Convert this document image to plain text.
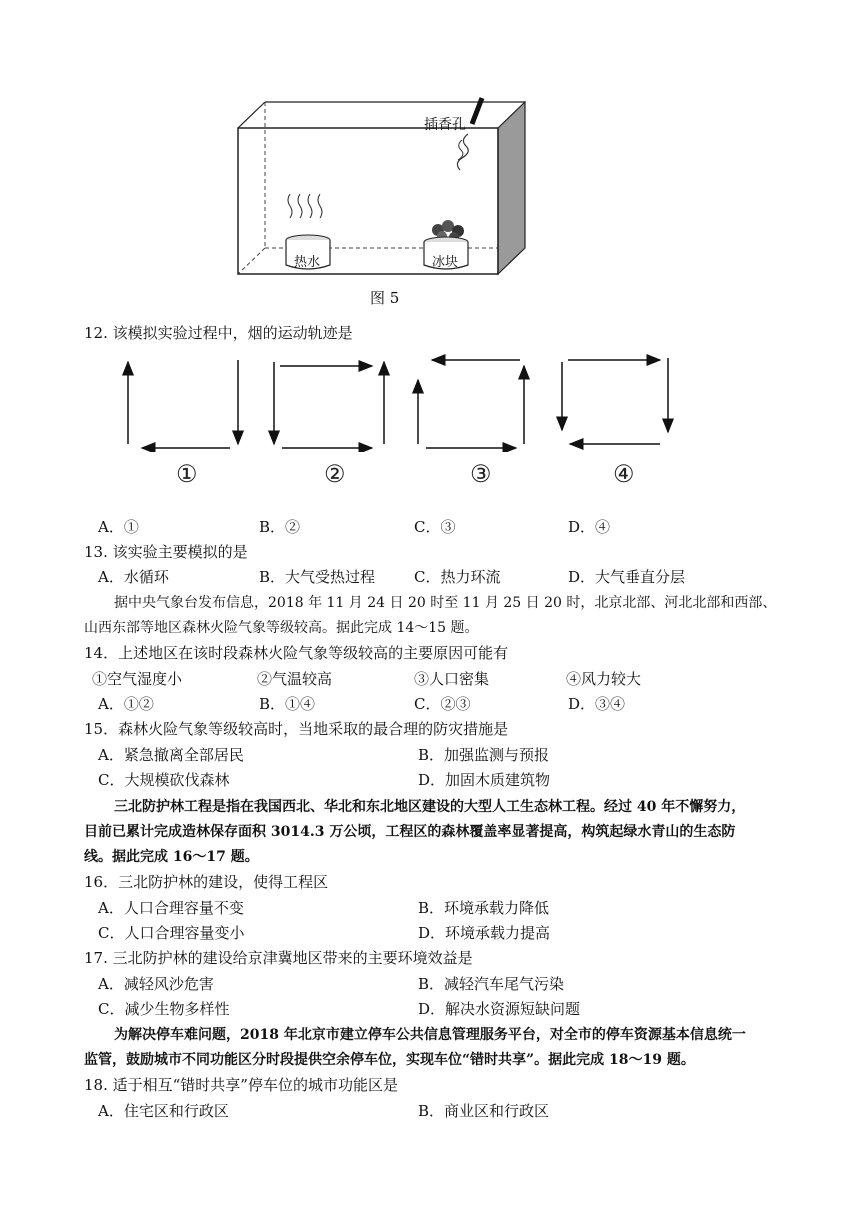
插香孔
热水	冰块
图 5
12. 该模拟实验过程中，烟的运动轨迹是
①	②	③	④
A．①	B．②	C．③	D．④
13. 该实验主要模拟的是
A．水循环	B．大气受热过程	C．热力环流	D．大气垂直分层
据中央气象台发布信息，2018 年 11 月 24 日 20 时至 11 月 25 日 20 时，北京北部、河北北部和西部、
山西东部等地区森林火险气象等级较高。据此完成 14～15 题。
14．上述地区在该时段森林火险气象等级较高的主要原因可能有
①空气湿度小	②气温较高	③人口密集	④风力较大
A．①②	B．①④	C．②③	D．③④
15．森林火险气象等级较高时，当地采取的最合理的防灾措施是
A．紧急撤离全部居民	B．加强监测与预报
C．大规模砍伐森林	D．加固木质建筑物
三北防护林工程是指在我国西北、华北和东北地区建设的大型人工生态林工程。经过 40 年不懈努力，
目前已累计完成造林保存面积 3014.3 万公顷，工程区的森林覆盖率显著提高，构筑起绿水青山的生态防
线。据此完成 16～17 题。
16．三北防护林的建设，使得工程区
A．人口合理容量不变	B．环境承载力降低
C．人口合理容量变小	D．环境承载力提高
17. 三北防护林的建设给京津冀地区带来的主要环境效益是
A．减轻风沙危害	B．减轻汽车尾气污染
C．减少生物多样性	D．解决水资源短缺问题
为解决停车难问题，2018 年北京市建立停车公共信息管理服务平台，对全市的停车资源基本信息统一
监管，鼓励城市不同功能区分时段提供空余停车位，实现车位“错时共享”。据此完成 18～19 题。
18. 适于相互“错时共享”停车位的城市功能区是
A．住宅区和行政区	B．商业区和行政区
